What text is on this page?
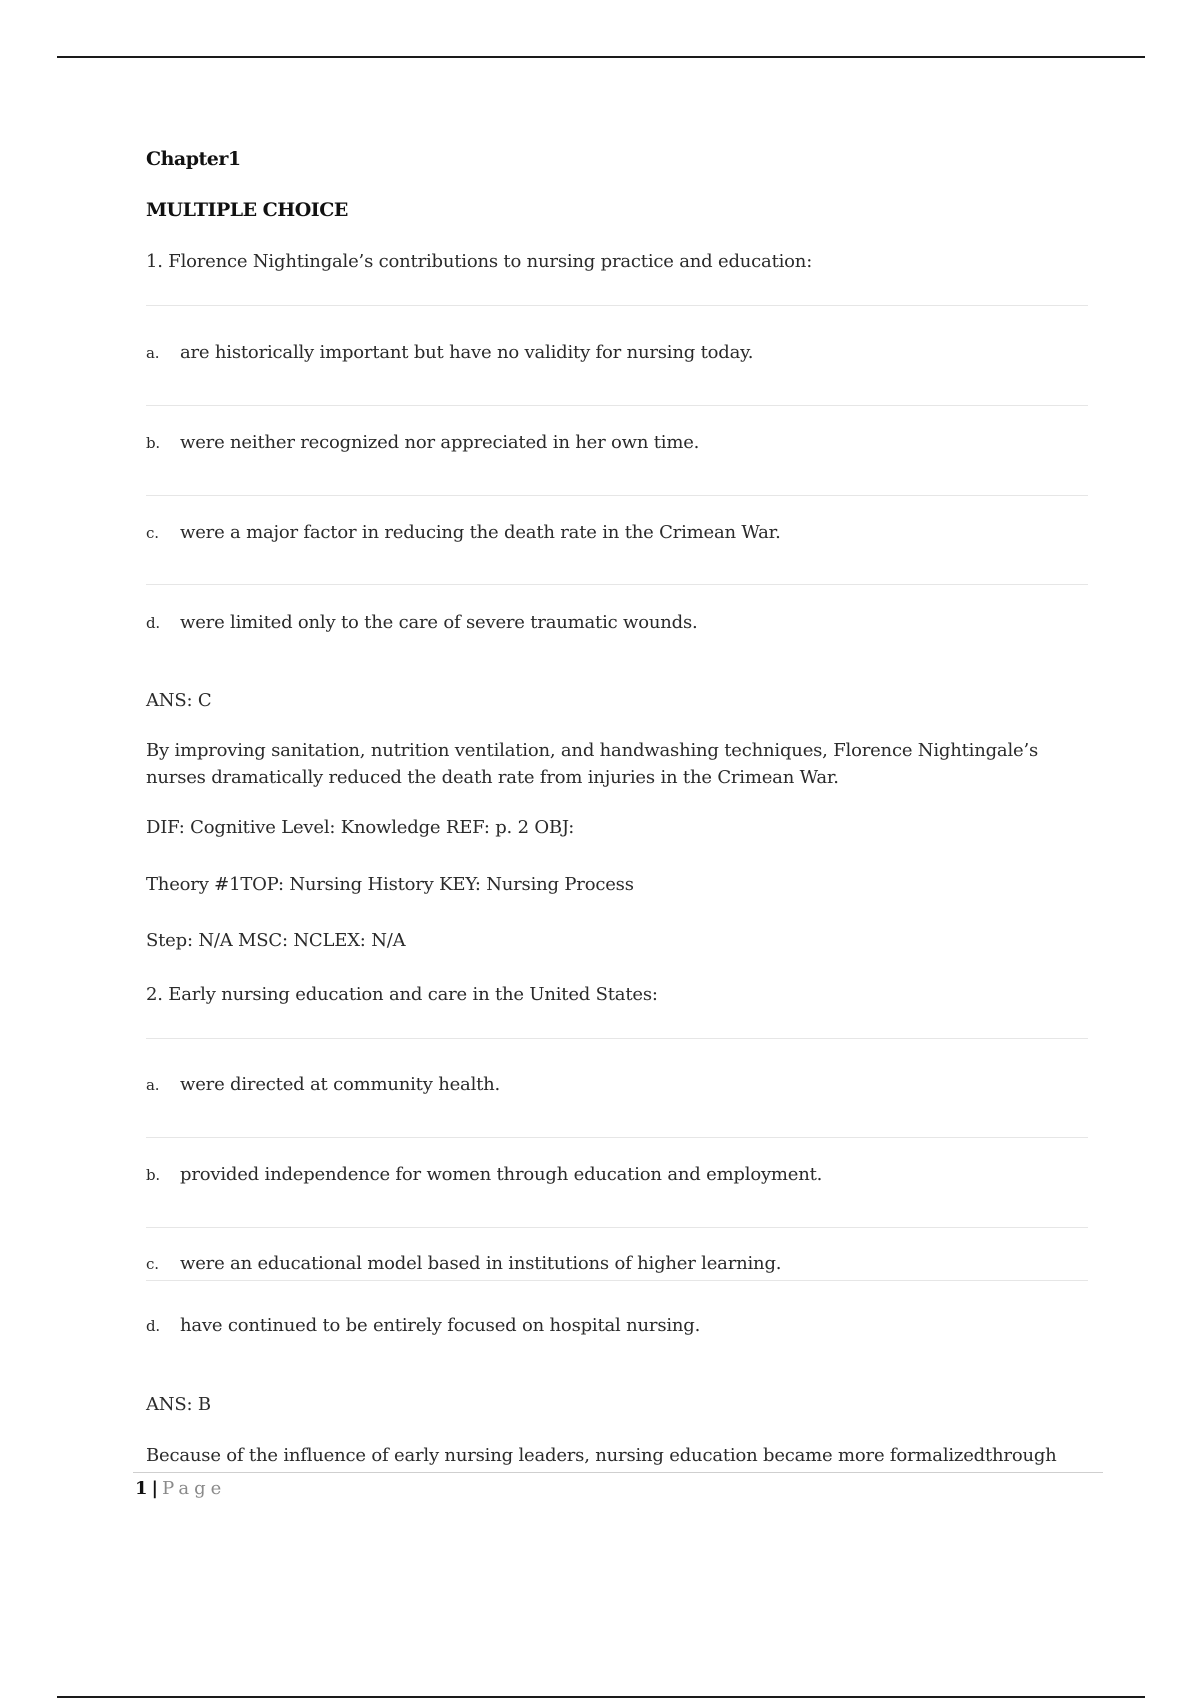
Chapter1
MULTIPLE CHOICE
1. Florence Nightingale’s contributions to nursing practice and education:
a. are historically important but have no validity for nursing today.
b. were neither recognized nor appreciated in her own time.
c. were a major factor in reducing the death rate in the Crimean War.
d. were limited only to the care of severe traumatic wounds.
ANS: C
By improving sanitation, nutrition ventilation, and handwashing techniques, Florence Nightingale’s nurses dramatically reduced the death rate from injuries in the Crimean War.
DIF: Cognitive Level: Knowledge REF: p. 2 OBJ:
Theory #1TOP: Nursing History KEY: Nursing Process
Step: N/A MSC: NCLEX: N/A
2. Early nursing education and care in the United States:
a. were directed at community health.
b. provided independence for women through education and employment.
c. were an educational model based in institutions of higher learning.
d. have continued to be entirely focused on hospital nursing.
ANS: B
Because of the influence of early nursing leaders, nursing education became more formalizedthrough
1 | Page
